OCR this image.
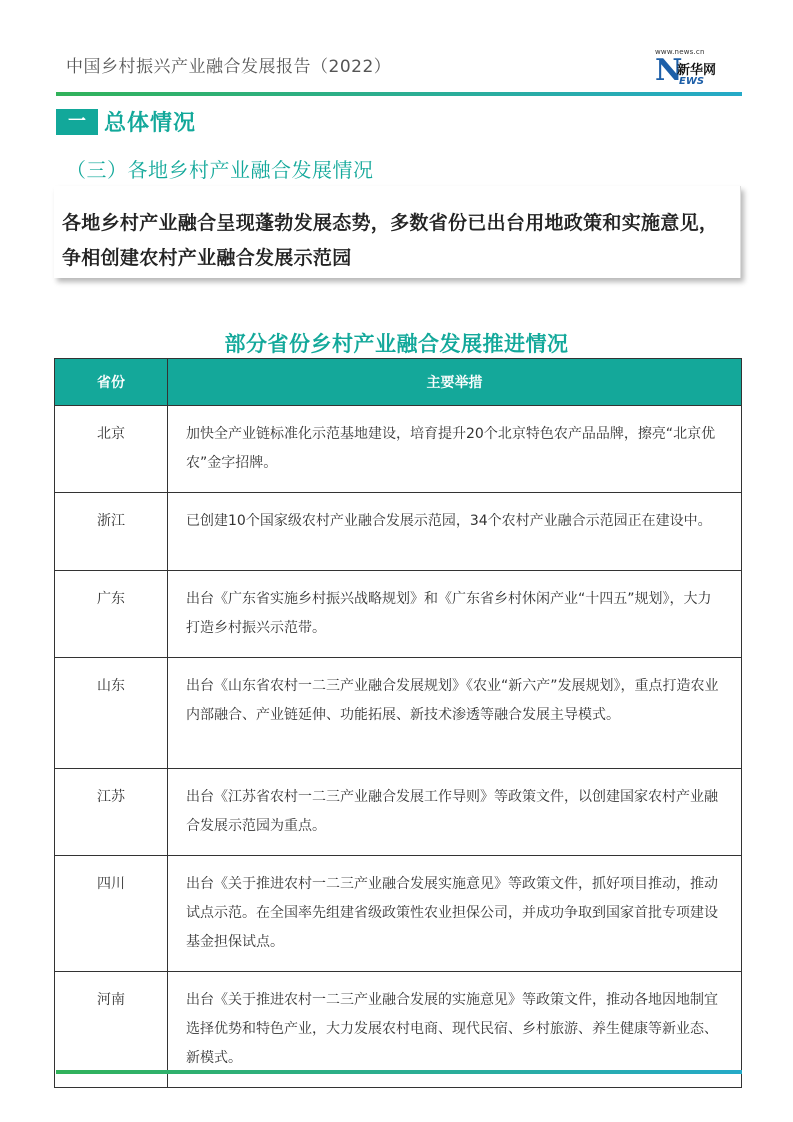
中国乡村振兴产业融合发展报告（2022）
www.news.cn
N
新华网
EWS
一 总体情况
（三）各地乡村产业融合发展情况
各地乡村产业融合呈现蓬勃发展态势，多数省份已出台用地政策和实施意见，争相创建农村产业融合发展示范园
部分省份乡村产业融合发展推进情况
省份	主要举措
北京	加快全产业链标准化示范基地建设，培育提升20个北京特色农产品品牌，擦亮“北京优农”金字招牌。
浙江	已创建10个国家级农村产业融合发展示范园，34个农村产业融合示范园正在建设中。
广东	出台《广东省实施乡村振兴战略规划》和《广东省乡村休闲产业“十四五”规划》，大力打造乡村振兴示范带。
山东	出台《山东省农村一二三产业融合发展规划》《农业“新六产”发展规划》，重点打造农业内部融合、产业链延伸、功能拓展、新技术渗透等融合发展主导模式。
江苏	出台《江苏省农村一二三产业融合发展工作导则》等政策文件，以创建国家农村产业融合发展示范园为重点。
四川	出台《关于推进农村一二三产业融合发展实施意见》等政策文件，抓好项目推动，推动试点示范。在全国率先组建省级政策性农业担保公司，并成功争取到国家首批专项建设基金担保试点。
河南	出台《关于推进农村一二三产业融合发展的实施意见》等政策文件，推动各地因地制宜选择优势和特色产业，大力发展农村电商、现代民宿、乡村旅游、养生健康等新业态、新模式。
